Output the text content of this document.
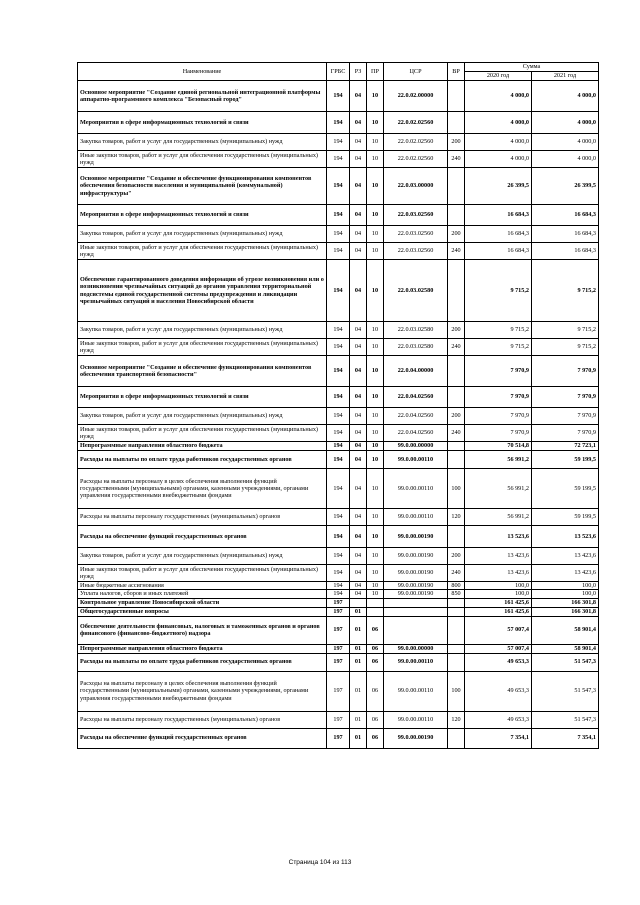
Наименование	ГРБС	РЗ	ПР	ЦСР	ВР	Сумма	
						2020 год	2021 год
Основное мероприятие "Создание единой региональной интеграционной платформы аппаратно-программного комплекса "Безопасный город"	194	04	10	22.0.02.00000		4 000,0	4 000,0
Мероприятия в сфере информационных технологий и связи	194	04	10	22.0.02.02560		4 000,0	4 000,0
Закупка товаров, работ и услуг для государственных (муниципальных) нужд	194	04	10	22.0.02.02560	200	4 000,0	4 000,0
Иные закупки товаров, работ и услуг для обеспечения государственных (муниципальных) нужд	194	04	10	22.0.02.02560	240	4 000,0	4 000,0
Основное мероприятие "Создание и обеспечение функционирования компонентов обеспечения безопасности населения и муниципальной (коммунальной) инфраструктуры"	194	04	10	22.0.03.00000		26 399,5	26 399,5
Мероприятия в сфере информационных технологий и связи	194	04	10	22.0.03.02560		16 684,3	16 684,3
Закупка товаров, работ и услуг для государственных (муниципальных) нужд	194	04	10	22.0.03.02560	200	16 684,3	16 684,3
Иные закупки товаров, работ и услуг для обеспечения государственных (муниципальных) нужд	194	04	10	22.0.03.02560	240	16 684,3	16 684,3
Обеспечение гарантированного доведения информации об угрозе возникновения или о возникновении чрезвычайных ситуаций до органов управления территориальной подсистемы единой государственной системы предупреждения и ликвидации чрезвычайных ситуаций и населения Новосибирской области	194	04	10	22.0.03.02580		9 715,2	9 715,2
Закупка товаров, работ и услуг для государственных (муниципальных) нужд	194	04	10	22.0.03.02580	200	9 715,2	9 715,2
Иные закупки товаров, работ и услуг для обеспечения государственных (муниципальных) нужд	194	04	10	22.0.03.02580	240	9 715,2	9 715,2
Основное мероприятие "Создание и обеспечение функционирования компонентов обеспечения транспортной безопасности"	194	04	10	22.0.04.00000		7 970,9	7 970,9
Мероприятия в сфере информационных технологий и связи	194	04	10	22.0.04.02560		7 970,9	7 970,9
Закупка товаров, работ и услуг для государственных (муниципальных) нужд	194	04	10	22.0.04.02560	200	7 970,9	7 970,9
Иные закупки товаров, работ и услуг для обеспечения государственных (муниципальных) нужд	194	04	10	22.0.04.02560	240	7 970,9	7 970,9
Непрограммные направления областного бюджета	194	04	10	99.0.00.00000		70 514,8	72 723,1
Расходы на выплаты по оплате труда работников государственных органов	194	04	10	99.0.00.00110		56 991,2	59 199,5
Расходы на выплаты персоналу в целях обеспечения выполнения функций государственными (муниципальными) органами, казенными учреждениями, органами управления государственными внебюджетными фондами	194	04	10	99.0.00.00110	100	56 991,2	59 199,5
Расходы на выплаты персоналу государственных (муниципальных) органов	194	04	10	99.0.00.00110	120	56 991,2	59 199,5
Расходы на обеспечение функций государственных органов	194	04	10	99.0.00.00190		13 523,6	13 523,6
Закупка товаров, работ и услуг для государственных (муниципальных) нужд	194	04	10	99.0.00.00190	200	13 423,6	13 423,6
Иные закупки товаров, работ и услуг для обеспечения государственных (муниципальных) нужд	194	04	10	99.0.00.00190	240	13 423,6	13 423,6
Иные бюджетные ассигнования	194	04	10	99.0.00.00190	800	100,0	100,0
Уплата налогов, сборов и иных платежей	194	04	10	99.0.00.00190	850	100,0	100,0
Контрольное управление Новосибирской области	197					161 425,6	166 301,8
Общегосударственные вопросы	197	01				161 425,6	166 301,8
Обеспечение деятельности финансовых, налоговых и таможенных органов и органов финансового (финансово-бюджетного) надзора	197	01	06			57 007,4	58 901,4
Непрограммные направления областного бюджета	197	01	06	99.0.00.00000		57 007,4	58 901,4
Расходы на выплаты по оплате труда работников государственных органов	197	01	06	99.0.00.00110		49 653,3	51 547,3
Расходы на выплаты персоналу в целях обеспечения выполнения функций государственными (муниципальными) органами, казенными учреждениями, органами управления государственными внебюджетными фондами	197	01	06	99.0.00.00110	100	49 653,3	51 547,3
Расходы на выплаты персоналу государственных (муниципальных) органов	197	01	06	99.0.00.00110	120	49 653,3	51 547,3
Расходы на обеспечение функций государственных органов	197	01	06	99.0.00.00190		7 354,1	7 354,1
Страница 104 из 113
